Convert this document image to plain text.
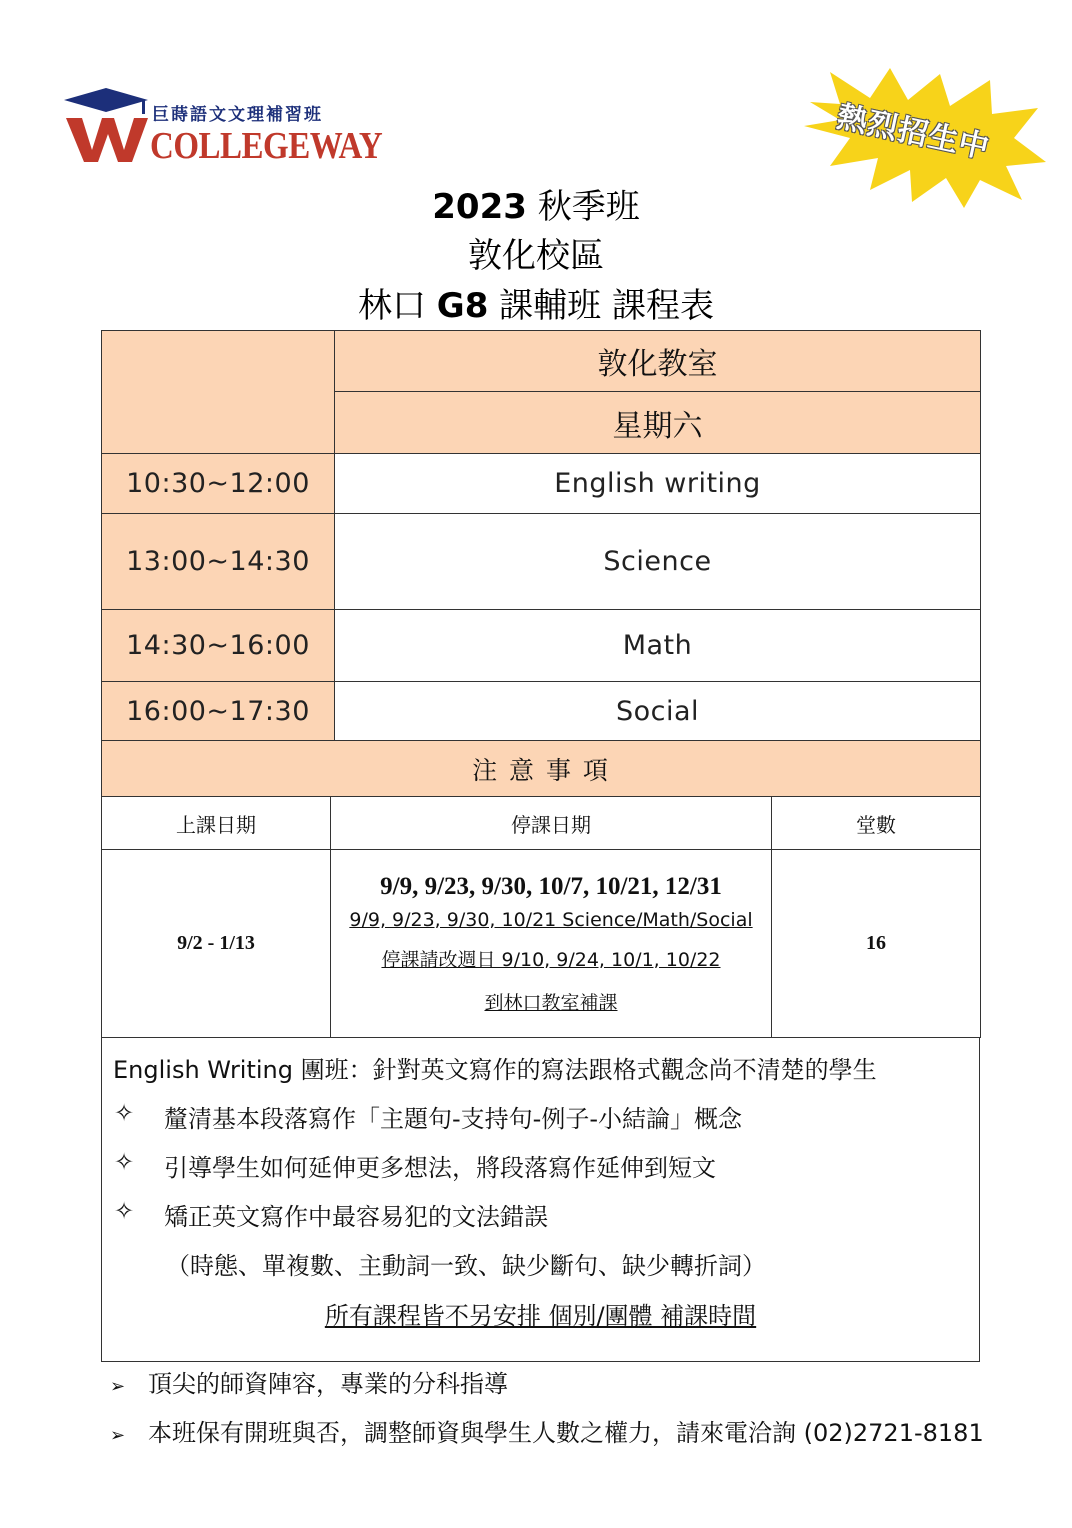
巨蒔語文文理補習班
COLLEGEWAY	熱烈招生中
2023 秋季班
敦化校區
林口 G8 課輔班 課程表
	敦化教室
	星期六
10:30~12:00	English writing
13:00~14:30	Science
14:30~16:00	Math
16:00~17:30	Social
注 意 事 項		
上課日期	停課日期	堂數
9/2 - 1/13	9/9, 9/23, 9/30, 10/7, 10/21, 12/31
9/9, 9/23, 9/30, 10/21 Science/Math/Social
停課請改週日 9/10, 9/24, 10/1, 10/22
到林口教室補課	16
English Writing 團班：針對英文寫作的寫法跟格式觀念尚不清楚的學生
✧ 釐清基本段落寫作「主題句-支持句-例子-小結論」概念
✧ 引導學生如何延伸更多想法，將段落寫作延伸到短文
✧ 矯正英文寫作中最容易犯的文法錯誤
（時態、單複數、主動詞一致、缺少斷句、缺少轉折詞）
所有課程皆不另安排 個別/團體 補課時間
➢ 頂尖的師資陣容，專業的分科指導
➢ 本班保有開班與否，調整師資與學生人數之權力，請來電洽詢 (02)2721-8181
